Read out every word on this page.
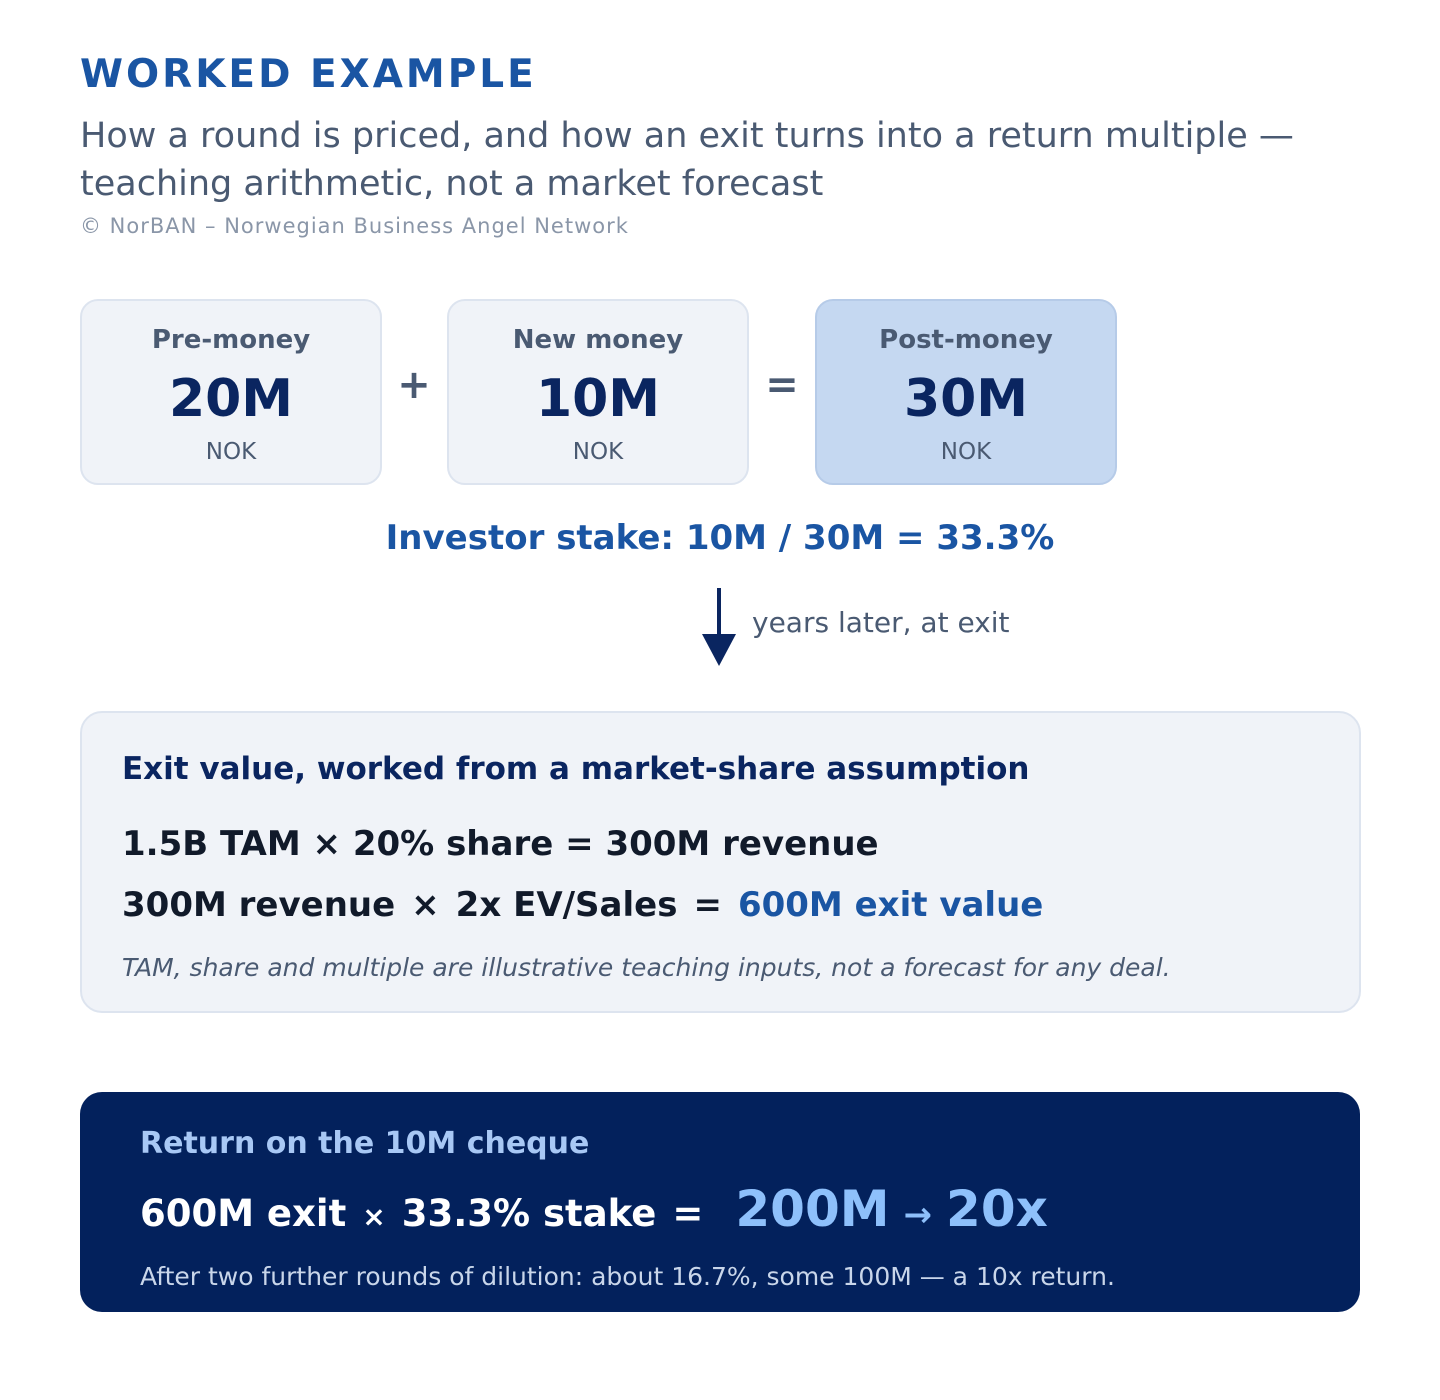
WORKED EXAMPLE
How a round is priced, and how an exit turns into a return multiple — teaching arithmetic, not a market forecast
© NorBAN – Norwegian Business Angel Network
Pre-money
20M
NOK
+
New money
10M
NOK
=
Post-money
30M
NOK
Investor stake: 10M / 30M = 33.3%
years later, at exit
Exit value, worked from a market-share assumption
1.5B TAM × 20% share = 300M revenue
300M revenue × 2x EV/Sales = 600M exit value
TAM, share and multiple are illustrative teaching inputs, not a forecast for any deal.
Return on the 10M cheque
600M exit × 33.3% stake = 200M → 20x
After two further rounds of dilution: about 16.7%, some 100M — a 10x return.
